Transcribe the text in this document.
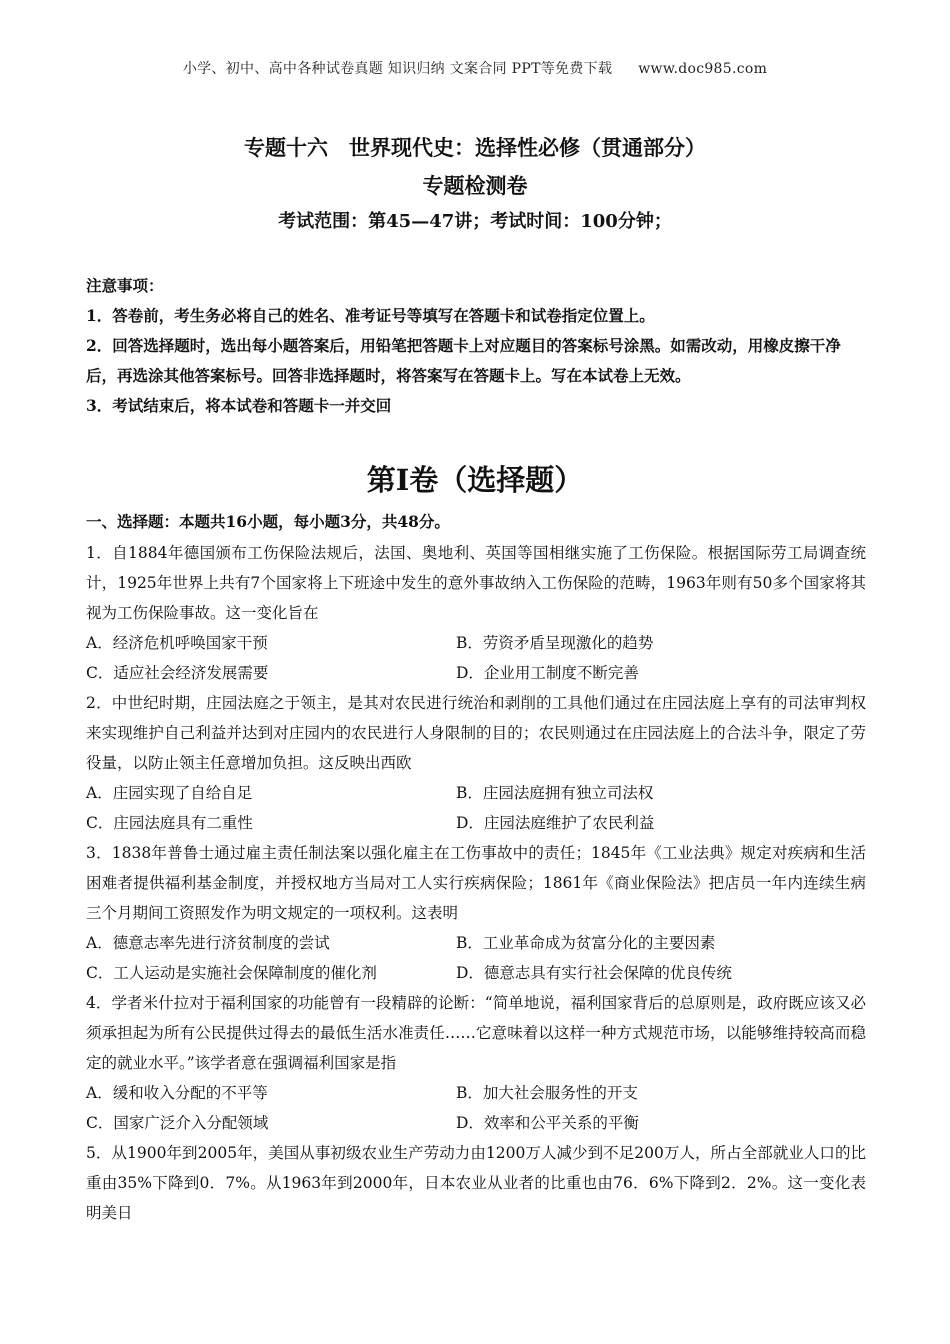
小学、初中、高中各种试卷真题 知识归纳 文案合同 PPT等免费下载 www.doc985.com
专题十六　世界现代史：选择性必修（贯通部分）
专题检测卷
考试范围：第45—47讲；考试时间：100分钟；
注意事项：
1．答卷前，考生务必将自己的姓名、准考证号等填写在答题卡和试卷指定位置上。
2．回答选择题时，选出每小题答案后，用铅笔把答题卡上对应题目的答案标号涂黑。如需改动，用橡皮擦干净后，再选涂其他答案标号。回答非选择题时，将答案写在答题卡上。写在本试卷上无效。
3．考试结束后，将本试卷和答题卡一并交回
第I卷（选择题）
一、选择题：本题共16小题，每小题3分，共48分。
1．自1884年德国颁布工伤保险法规后，法国、奥地利、英国等国相继实施了工伤保险。根据国际劳工局调查统计，1925年世界上共有7个国家将上下班途中发生的意外事故纳入工伤保险的范畴，1963年则有50多个国家将其视为工伤保险事故。这一变化旨在
A．经济危机呼唤国家干预	B．劳资矛盾呈现激化的趋势
C．适应社会经济发展需要	D．企业用工制度不断完善
2．中世纪时期，庄园法庭之于领主，是其对农民进行统治和剥削的工具他们通过在庄园法庭上享有的司法审判权来实现维护自己利益并达到对庄园内的农民进行人身限制的目的；农民则通过在庄园法庭上的合法斗争，限定了劳役量，以防止领主任意增加负担。这反映出西欧
A．庄园实现了自给自足	B．庄园法庭拥有独立司法权
C．庄园法庭具有二重性	D．庄园法庭维护了农民利益
3．1838年普鲁士通过雇主责任制法案以强化雇主在工伤事故中的责任；1845年《工业法典》规定对疾病和生活困难者提供福利基金制度，并授权地方当局对工人实行疾病保险；1861年《商业保险法》把店员一年内连续生病三个月期间工资照发作为明文规定的一项权利。这表明
A．德意志率先进行济贫制度的尝试	B．工业革命成为贫富分化的主要因素
C．工人运动是实施社会保障制度的催化剂	D．德意志具有实行社会保障的优良传统
4．学者米什拉对于福利国家的功能曾有一段精辟的论断：“简单地说，福利国家背后的总原则是，政府既应该又必须承担起为所有公民提供过得去的最低生活水准责任……它意味着以这样一种方式规范市场，以能够维持较高而稳定的就业水平。”该学者意在强调福利国家是指
A．缓和收入分配的不平等	B．加大社会服务性的开支
C．国家广泛介入分配领域	D．效率和公平关系的平衡
5．从1900年到2005年，美国从事初级农业生产劳动力由1200万人减少到不足200万人，所占全部就业人口的比重由35%下降到0．7%。从1963年到2000年，日本农业从业者的比重也由76．6%下降到2．2%。这一变化表明美日
